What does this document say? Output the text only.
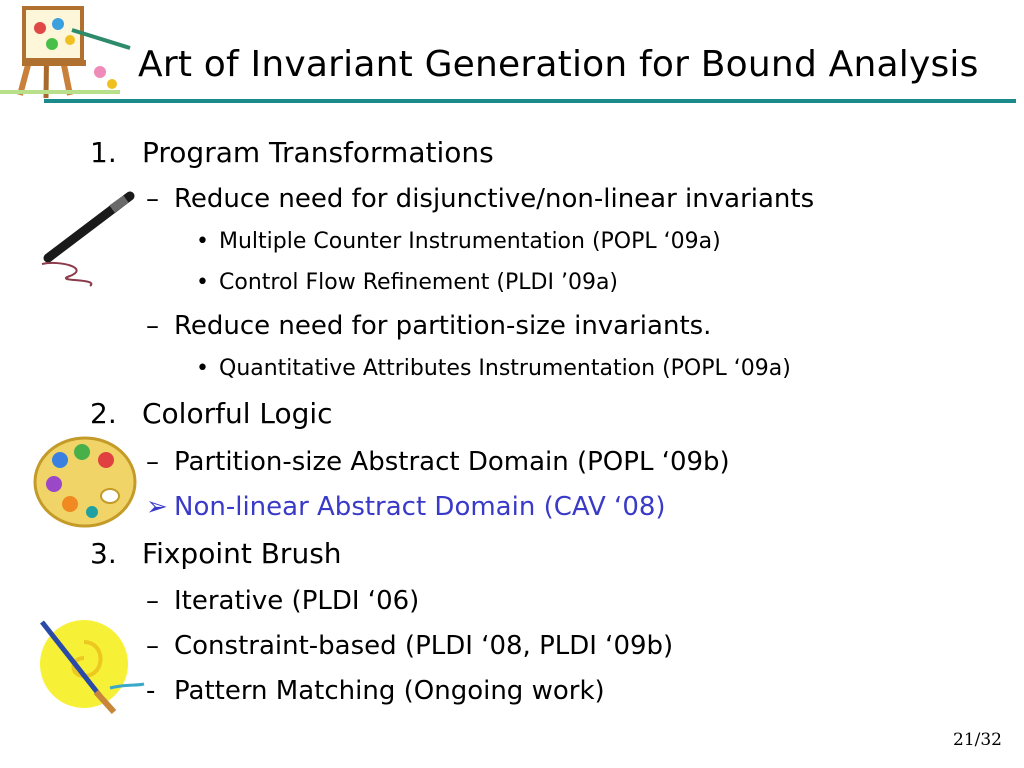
Art of Invariant Generation for Bound Analysis
1. Program Transformations
– Reduce need for disjunctive/non-linear invariants
• Multiple Counter Instrumentation (POPL ‘09a)
• Control Flow Refinement (PLDI ’09a)
– Reduce need for partition-size invariants.
• Quantitative Attributes Instrumentation (POPL ‘09a)
2. Colorful Logic
– Partition-size Abstract Domain (POPL ‘09b)
➢ Non-linear Abstract Domain (CAV ‘08)
3. Fixpoint Brush
– Iterative (PLDI ‘06)
– Constraint-based (PLDI ‘08, PLDI ‘09b)
- Pattern Matching (Ongoing work)
21/32
